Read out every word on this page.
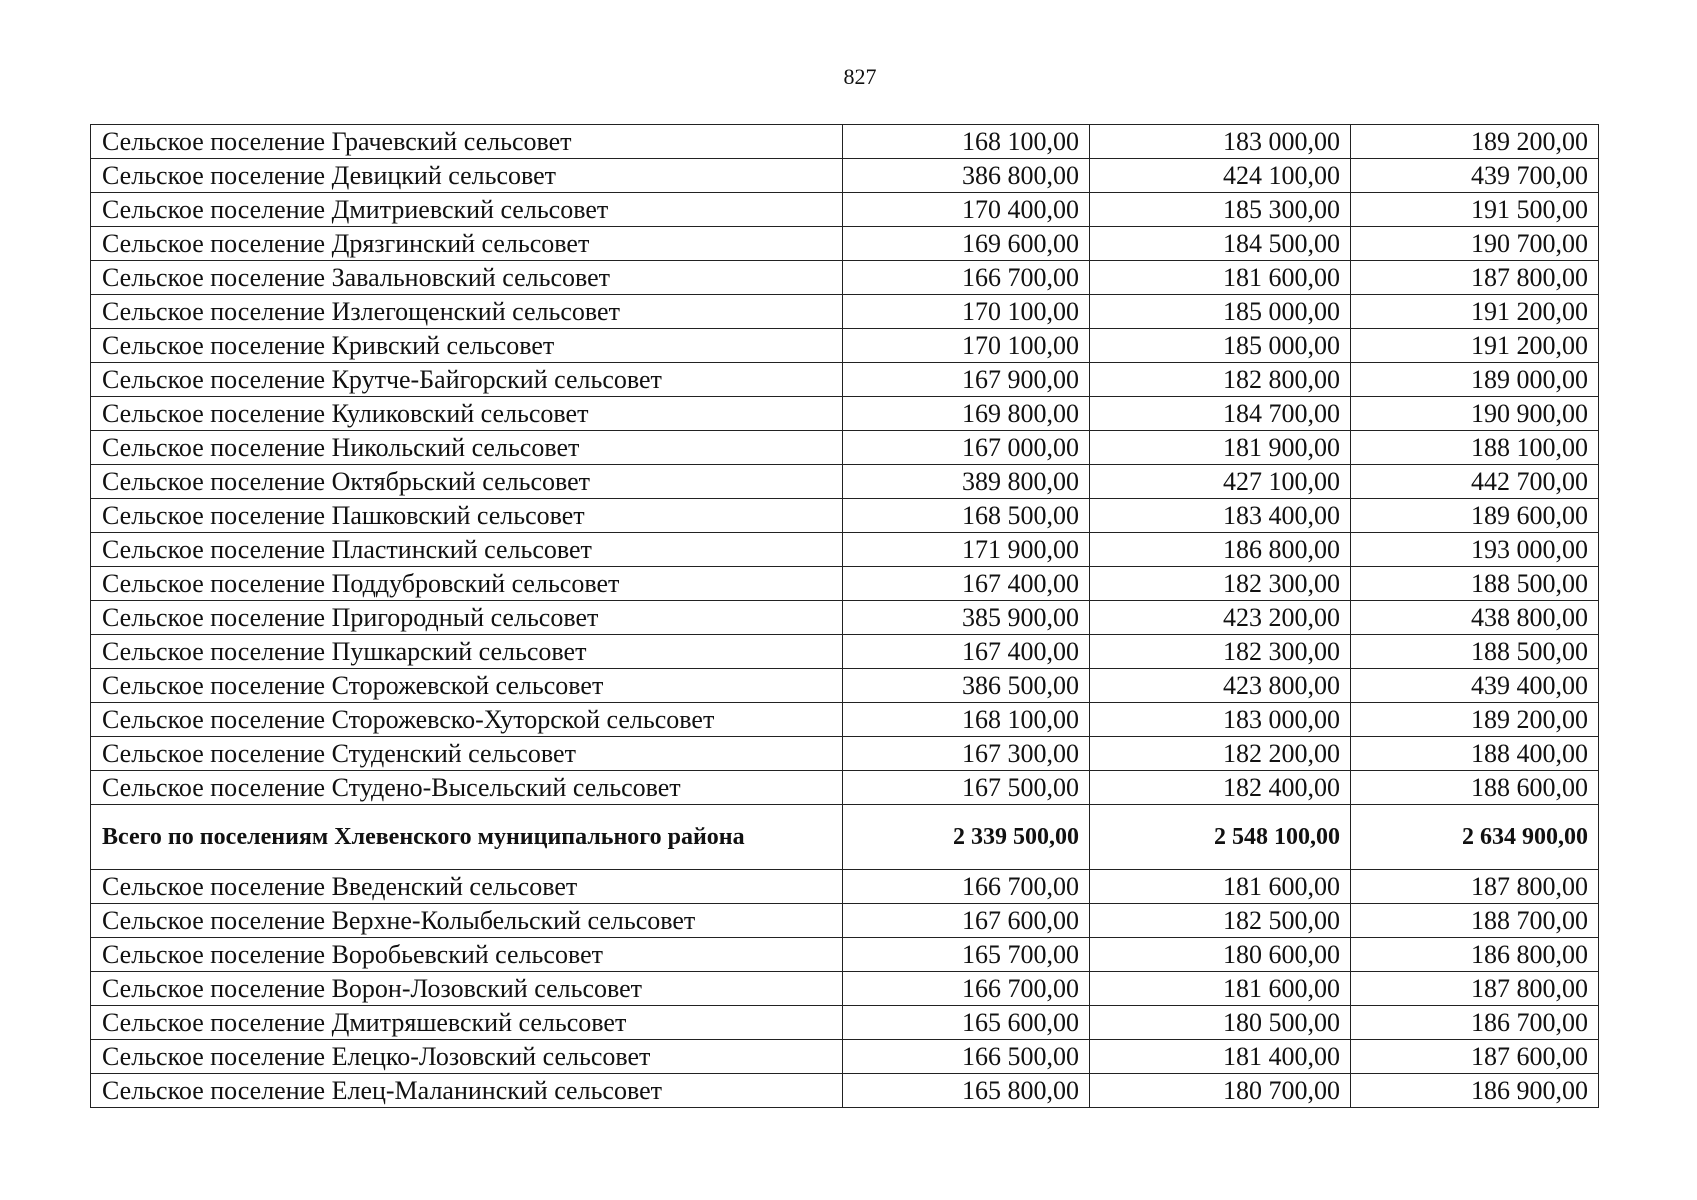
827
Сельское поселение Грачевский сельсовет	168 100,00	183 000,00	189 200,00
Сельское поселение Девицкий сельсовет	386 800,00	424 100,00	439 700,00
Сельское поселение Дмитриевский сельсовет	170 400,00	185 300,00	191 500,00
Сельское поселение Дрязгинский сельсовет	169 600,00	184 500,00	190 700,00
Сельское поселение Завальновский сельсовет	166 700,00	181 600,00	187 800,00
Сельское поселение Излегощенский сельсовет	170 100,00	185 000,00	191 200,00
Сельское поселение Кривский сельсовет	170 100,00	185 000,00	191 200,00
Сельское поселение Крутче-Байгорский сельсовет	167 900,00	182 800,00	189 000,00
Сельское поселение Куликовский сельсовет	169 800,00	184 700,00	190 900,00
Сельское поселение Никольский сельсовет	167 000,00	181 900,00	188 100,00
Сельское поселение Октябрьский сельсовет	389 800,00	427 100,00	442 700,00
Сельское поселение Пашковский сельсовет	168 500,00	183 400,00	189 600,00
Сельское поселение Пластинский сельсовет	171 900,00	186 800,00	193 000,00
Сельское поселение Поддубровский сельсовет	167 400,00	182 300,00	188 500,00
Сельское поселение Пригородный сельсовет	385 900,00	423 200,00	438 800,00
Сельское поселение Пушкарский сельсовет	167 400,00	182 300,00	188 500,00
Сельское поселение Сторожевской сельсовет	386 500,00	423 800,00	439 400,00
Сельское поселение Сторожевско-Хуторской сельсовет	168 100,00	183 000,00	189 200,00
Сельское поселение Студенский сельсовет	167 300,00	182 200,00	188 400,00
Сельское поселение Студено-Высельский сельсовет	167 500,00	182 400,00	188 600,00
Всего по поселениям Хлевенского муниципального района	2 339 500,00	2 548 100,00	2 634 900,00
Сельское поселение Введенский сельсовет	166 700,00	181 600,00	187 800,00
Сельское поселение Верхне-Колыбельский сельсовет	167 600,00	182 500,00	188 700,00
Сельское поселение Воробьевский сельсовет	165 700,00	180 600,00	186 800,00
Сельское поселение Ворон-Лозовский сельсовет	166 700,00	181 600,00	187 800,00
Сельское поселение Дмитряшевский сельсовет	165 600,00	180 500,00	186 700,00
Сельское поселение Елецко-Лозовский сельсовет	166 500,00	181 400,00	187 600,00
Сельское поселение Елец-Маланинский сельсовет	165 800,00	180 700,00	186 900,00
